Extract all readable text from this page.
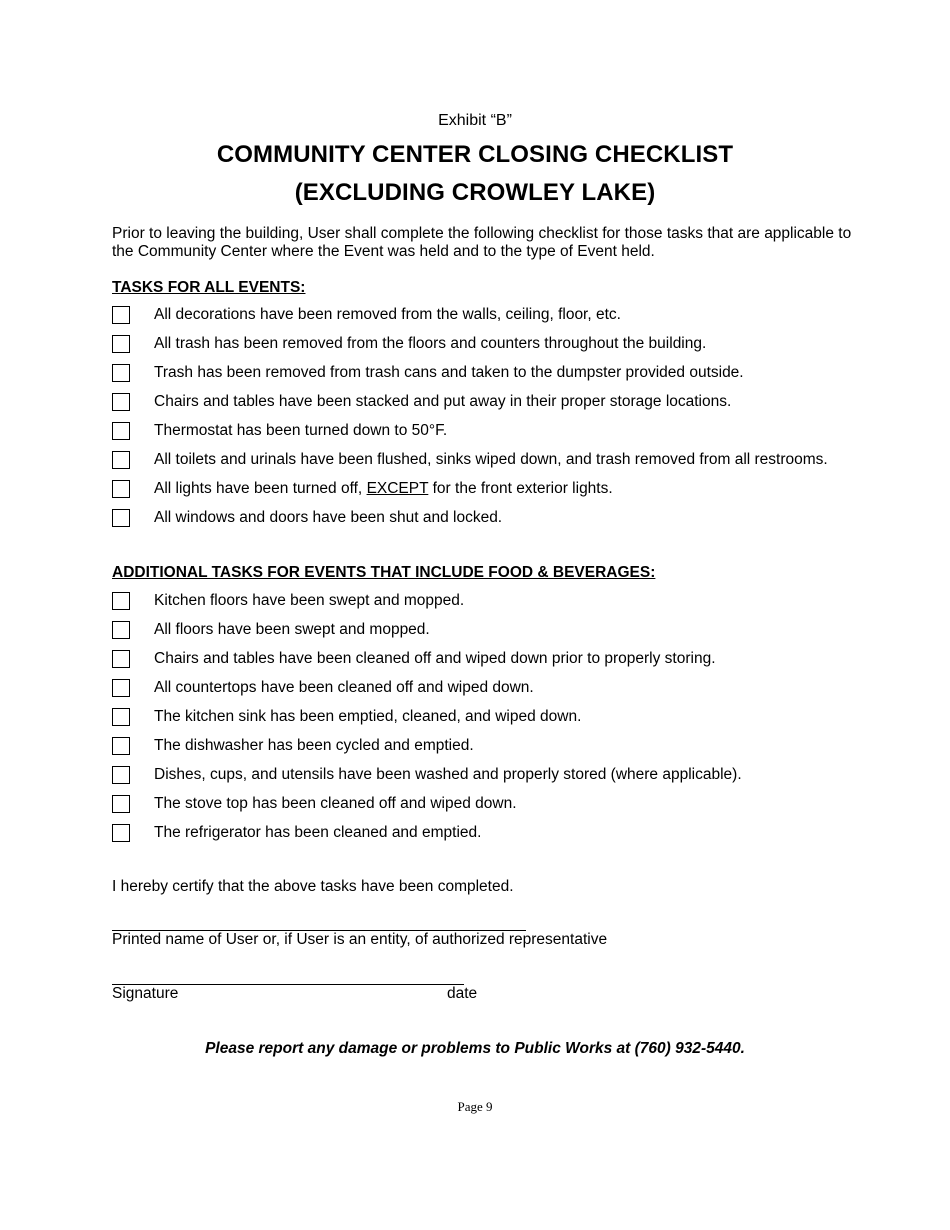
Exhibit “B”
COMMUNITY CENTER CLOSING CHECKLIST
(EXCLUDING CROWLEY LAKE)
Prior to leaving the building, User shall complete the following checklist for those tasks that are applicable to the Community Center where the Event was held and to the type of Event held.
TASKS FOR ALL EVENTS:
All decorations have been removed from the walls, ceiling, floor, etc.
All trash has been removed from the floors and counters throughout the building.
Trash has been removed from trash cans and taken to the dumpster provided outside.
Chairs and tables have been stacked and put away in their proper storage locations.
Thermostat has been turned down to 50°F.
All toilets and urinals have been flushed, sinks wiped down, and trash removed from all restrooms.
All lights have been turned off, EXCEPT for the front exterior lights.
All windows and doors have been shut and locked.
ADDITIONAL TASKS FOR EVENTS THAT INCLUDE FOOD & BEVERAGES:
Kitchen floors have been swept and mopped.
All floors have been swept and mopped.
Chairs and tables have been cleaned off and wiped down prior to properly storing.
All countertops have been cleaned off and wiped down.
The kitchen sink has been emptied, cleaned, and wiped down.
The dishwasher has been cycled and emptied.
Dishes, cups, and utensils have been washed and properly stored (where applicable).
The stove top has been cleaned off and wiped down.
The refrigerator has been cleaned and emptied.
I hereby certify that the above tasks have been completed.
Printed name of User or, if User is an entity, of authorized representative
Signature	date
Please report any damage or problems to Public Works at (760) 932-5440.
Page 9
